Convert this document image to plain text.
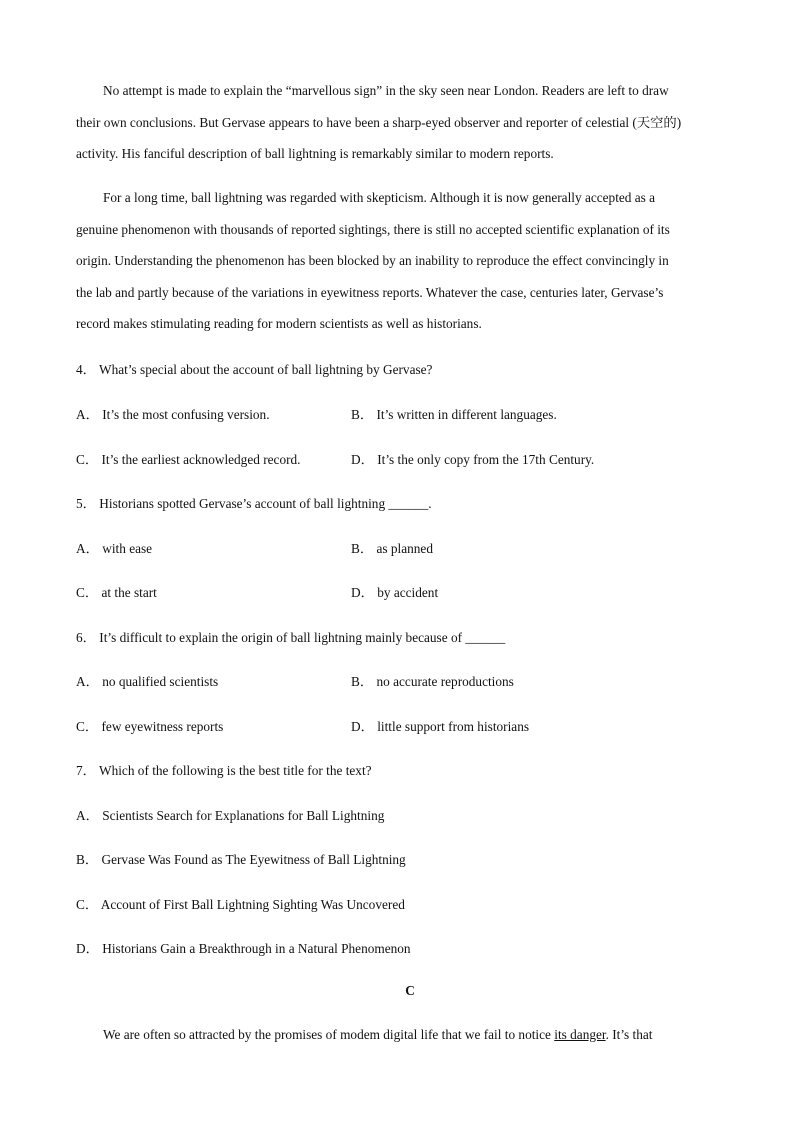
No attempt is made to explain the “marvellous sign” in the sky seen near London. Readers are left to draw
their own conclusions. But Gervase appears to have been a sharp-eyed observer and reporter of celestial (天空的)
activity. His fanciful description of ball lightning is remarkably similar to modern reports.
For a long time, ball lightning was regarded with skepticism. Although it is now generally accepted as a
genuine phenomenon with thousands of reported sightings, there is still no accepted scientific explanation of its
origin. Understanding the phenomenon has been blocked by an inability to reproduce the effect convincingly in
the lab and partly because of the variations in eyewitness reports. Whatever the case, centuries later, Gervase’s
record makes stimulating reading for modern scientists as well as historians.
4． What’s special about the account of ball lightning by Gervase?
A． It’s the most confusing version.	B． It’s written in different languages.
C． It’s the earliest acknowledged record.	D． It’s the only copy from the 17th Century.
5． Historians spotted Gervase’s account of ball lightning ______.
A． with ease	B． as planned
C． at the start	D． by accident
6． It’s difficult to explain the origin of ball lightning mainly because of ______
A． no qualified scientists	B． no accurate reproductions
C． few eyewitness reports	D． little support from historians
7． Which of the following is the best title for the text?
A． Scientists Search for Explanations for Ball Lightning
B． Gervase Was Found as The Eyewitness of Ball Lightning
C． Account of First Ball Lightning Sighting Was Uncovered
D． Historians Gain a Breakthrough in a Natural Phenomenon
C
We are often so attracted by the promises of modem digital life that we fail to notice its danger. It’s that
